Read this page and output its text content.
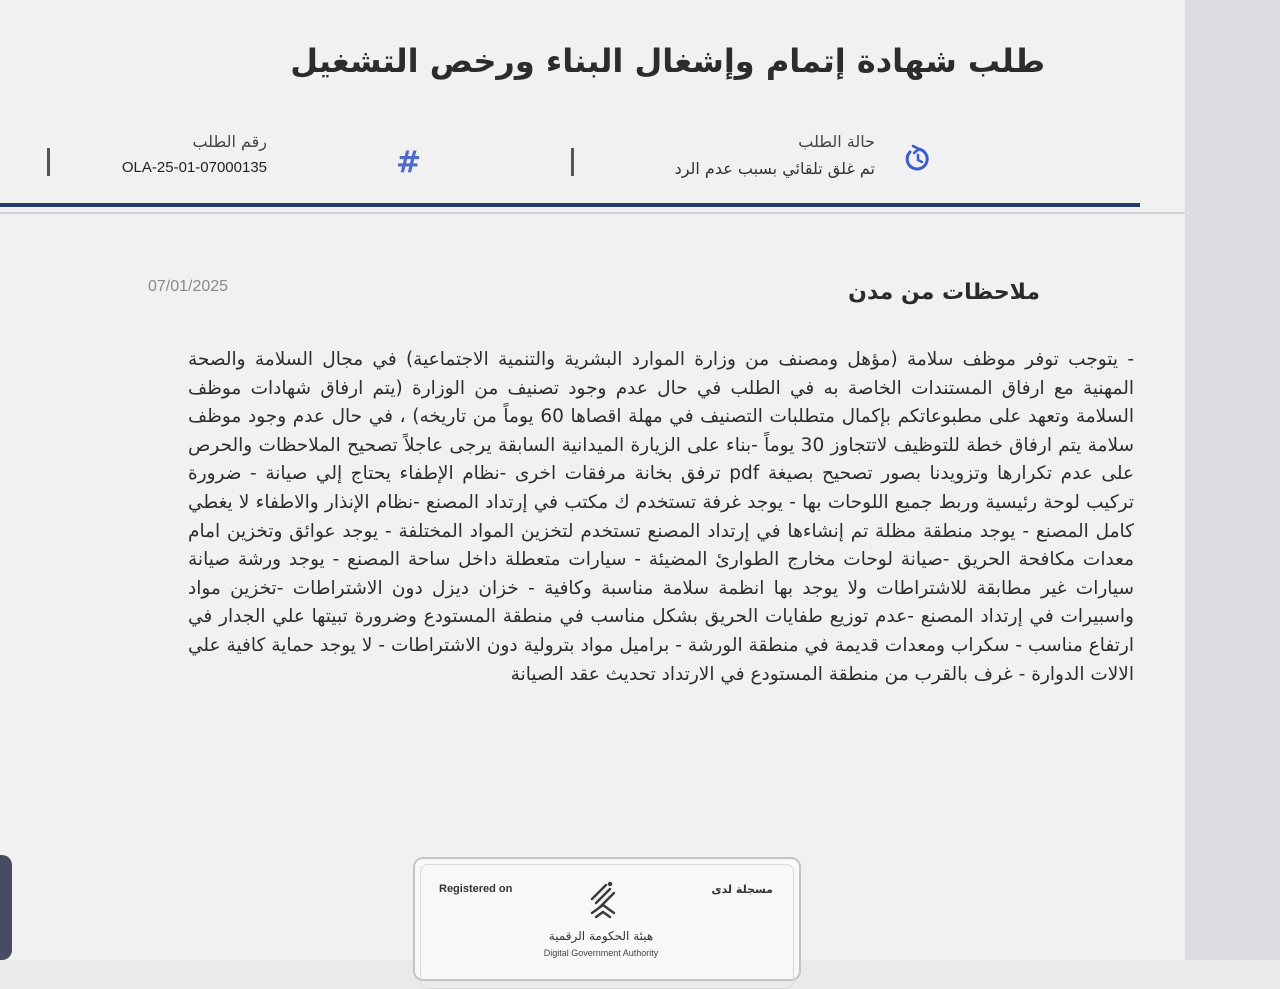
طلب شهادة إتمام وإشغال البناء ورخص التشغيل
حالة الطلب
تم غلق تلقائي بسبب عدم الرد
#
رقم الطلب
OLA-25-01-07000135
07/01/2025	ملاحظات من مدن
- يتوجب توفر موظف سلامة (مؤهل ومصنف من وزارة الموارد البشرية والتنمية الاجتماعية) في مجال السلامة والصحة المهنية مع ارفاق المستندات الخاصة به في الطلب في حال عدم وجود تصنيف من الوزارة (يتم ارفاق شهادات موظف السلامة وتعهد على مطبوعاتكم بإكمال متطلبات التصنيف في مهلة اقصاها 60 يوماً من تاريخه) ، في حال عدم وجود موظف سلامة يتم ارفاق خطة للتوظيف لاتتجاوز 30 يوماً -بناء على الزيارة الميدانية السابقة يرجى عاجلاً تصحيح الملاحظات والحرص على عدم تكرارها وتزويدنا بصور تصحيح بصيغة pdf ترفق بخانة مرفقات اخرى -نظام الإطفاء يحتاج إلي صيانة - ضرورة تركيب لوحة رئيسية وربط جميع اللوحات بها - يوجد غرفة تستخدم ك مكتب في إرتداد المصنع -نظام الإنذار والاطفاء لا يغطي كامل المصنع - يوجد منطقة مظلة تم إنشاءها في إرتداد المصنع تستخدم لتخزين المواد المختلفة - يوجد عوائق وتخزين امام معدات مكافحة الحريق -صيانة لوحات مخارج الطوارئ المضيئة - سيارات متعطلة داخل ساحة المصنع - يوجد ورشة صيانة سيارات غير مطابقة للاشتراطات ولا يوجد بها انظمة سلامة مناسبة وكافية - خزان ديزل دون الاشتراطات -تخزين مواد واسبيرات في إرتداد المصنع -عدم توزيع طفايات الحريق بشكل مناسب في منطقة المستودع وضرورة تبيتها علي الجدار في ارتفاع مناسب - سكراب ومعدات قديمة في منطقة الورشة - براميل مواد بترولية دون الاشتراطات - لا يوجد حماية كافية علي الالات الدوارة - غرف بالقرب من منطقة المستودع في الارتداد تحديث عقد الصيانة
Registered on	مسجلة لدى
هيئة الحكومة الرقمية
Digital Government Authority
